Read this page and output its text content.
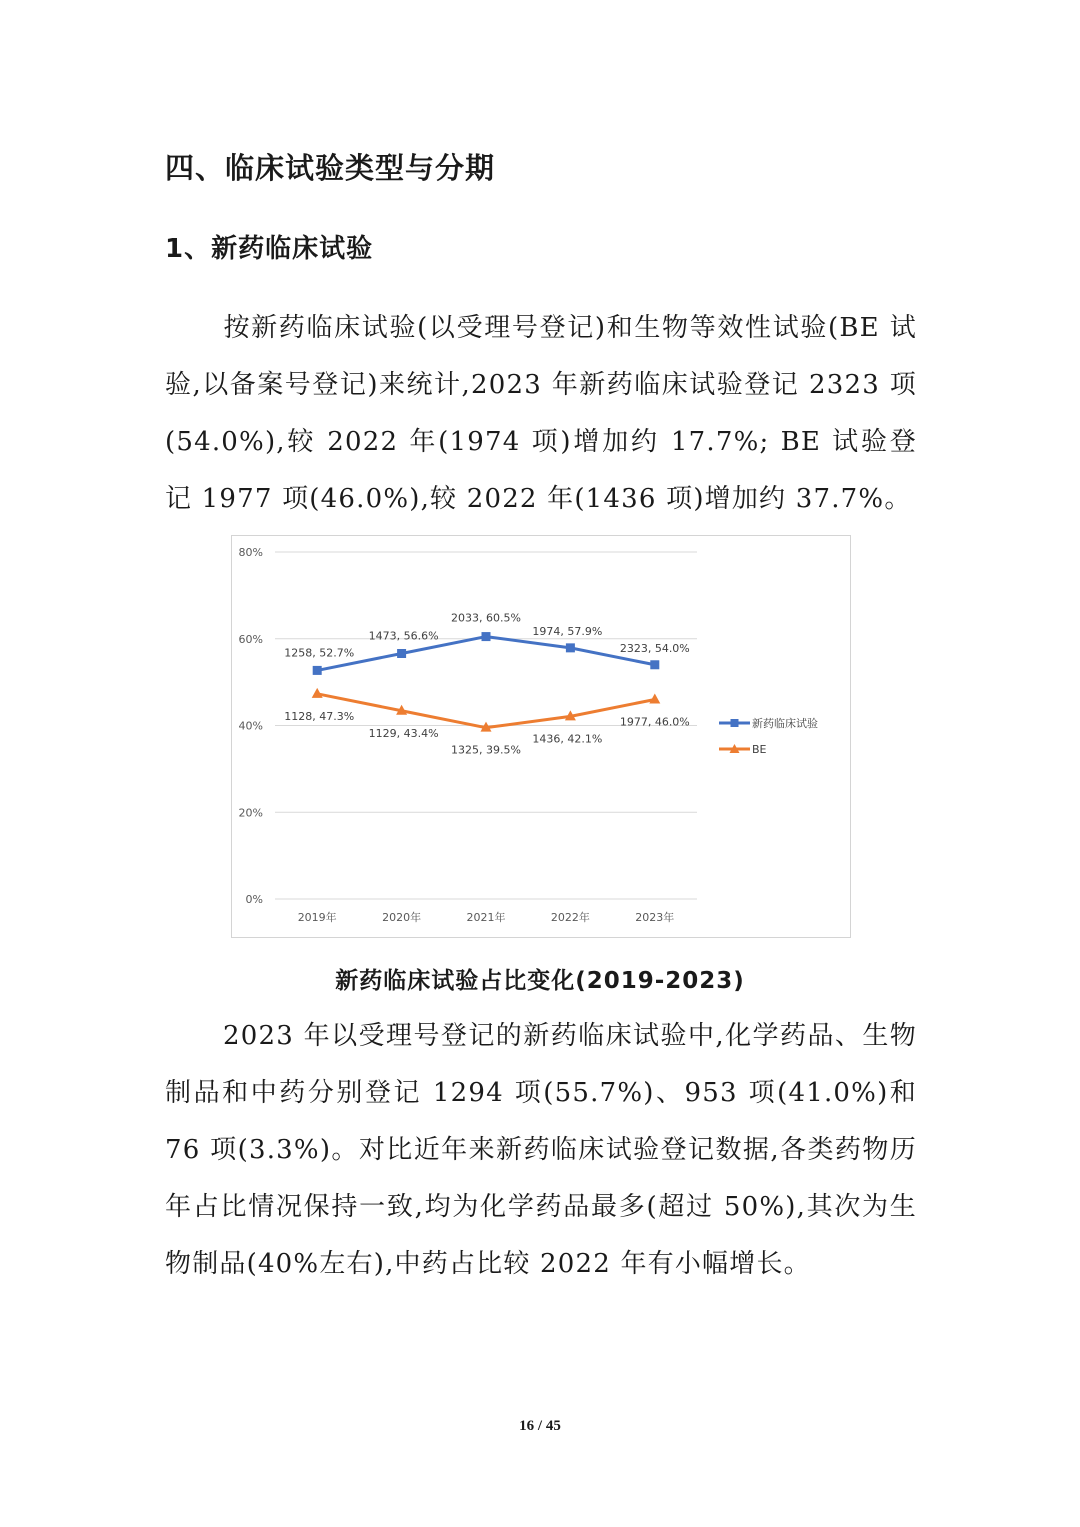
四、临床试验类型与分期
1、新药临床试验

按新药临床试验(以受理号登记)和生物等效性试验(BE 试验,以备案号登记)来统计,2023 年新药临床试验登记 2323 项(54.0%),较 2022 年(1974 项)增加约 17.7%; BE 试验登记 1977 项(46.0%),较 2022 年(1436 项)增加约 37.7%。

0%
20%
40%
60%
80%
2019年	2020年	2021年	2022年	2023年
1258, 52.7%
1473, 56.6%
2033, 60.5%
1974, 57.9%
2323, 54.0%
1128, 47.3%
1129, 43.4%
1325, 39.5%
1436, 42.1%
1977, 46.0%	新药临床试验
BE
新药临床试验占比变化(2019-2023)

2023 年以受理号登记的新药临床试验中,化学药品、生物制品和中药分别登记 1294 项(55.7%)、953 项(41.0%)和 76 项(3.3%)。对比近年来新药临床试验登记数据,各类药物历年占比情况保持一致,均为化学药品最多(超过 50%),其次为生物制品(40%左右),中药占比较 2022 年有小幅增长。

16 / 45
